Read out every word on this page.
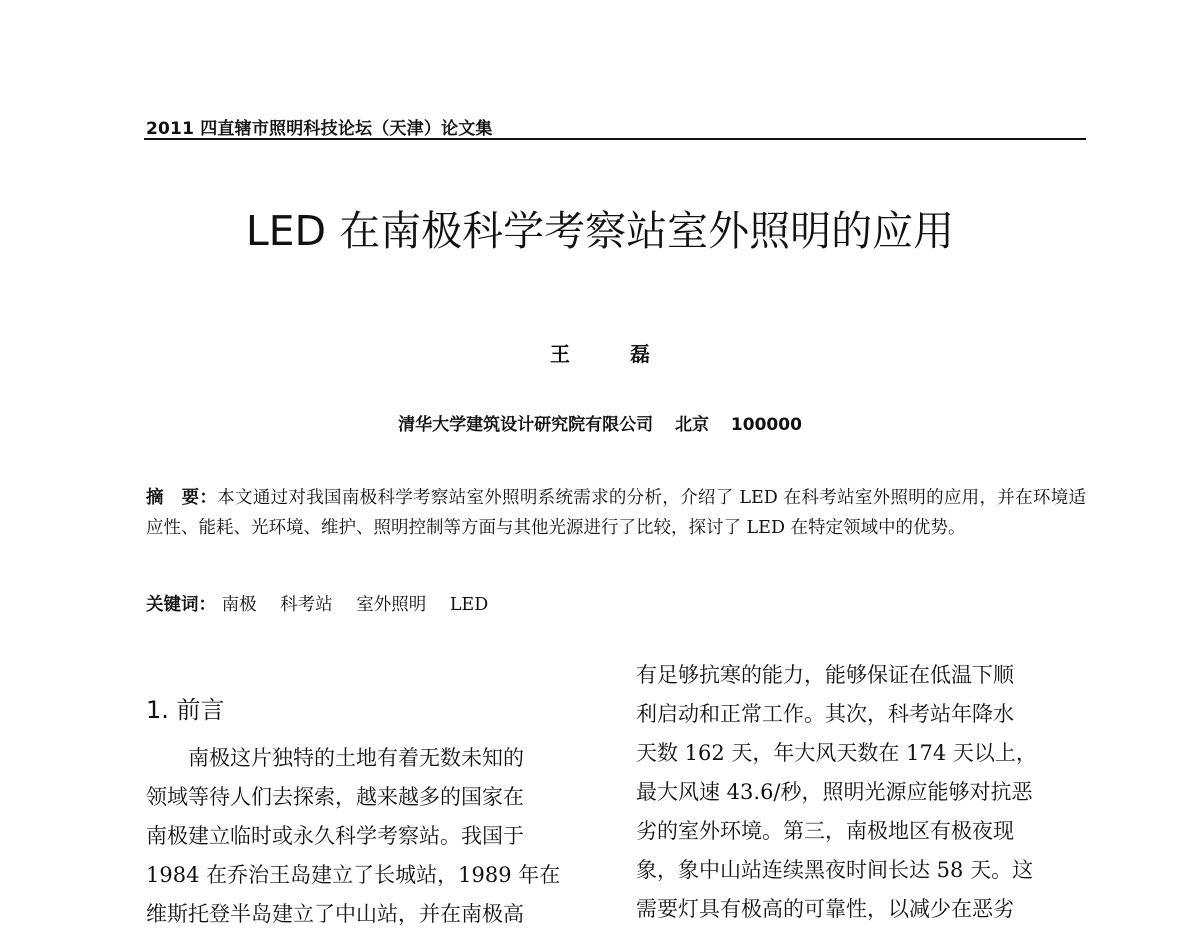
2011 四直辖市照明科技论坛（天津）论文集
LED 在南极科学考察站室外照明的应用
王　磊
清华大学建筑设计研究院有限公司 北京 100000
摘　要：本文通过对我国南极科学考察站室外照明系统需求的分析，介绍了 LED 在科考站室外照明的应用，并在环境适应性、能耗、光环境、维护、照明控制等方面与其他光源进行了比较，探讨了 LED 在特定领域中的优势。
关键词： 南极 科考站 室外照明 LED
1. 前言
　　南极这片独特的土地有着无数未知的
领域等待人们去探索，越来越多的国家在
南极建立临时或永久科学考察站。我国于
1984 在乔治王岛建立了长城站，1989 年在
维斯托登半岛建立了中山站，并在南极高
有足够抗寒的能力，能够保证在低温下顺
利启动和正常工作。其次，科考站年降水
天数 162 天，年大风天数在 174 天以上，
最大风速 43.6/秒，照明光源应能够对抗恶
劣的室外环境。第三，南极地区有极夜现
象，象中山站连续黑夜时间长达 58 天。这
需要灯具有极高的可靠性，以减少在恶劣
